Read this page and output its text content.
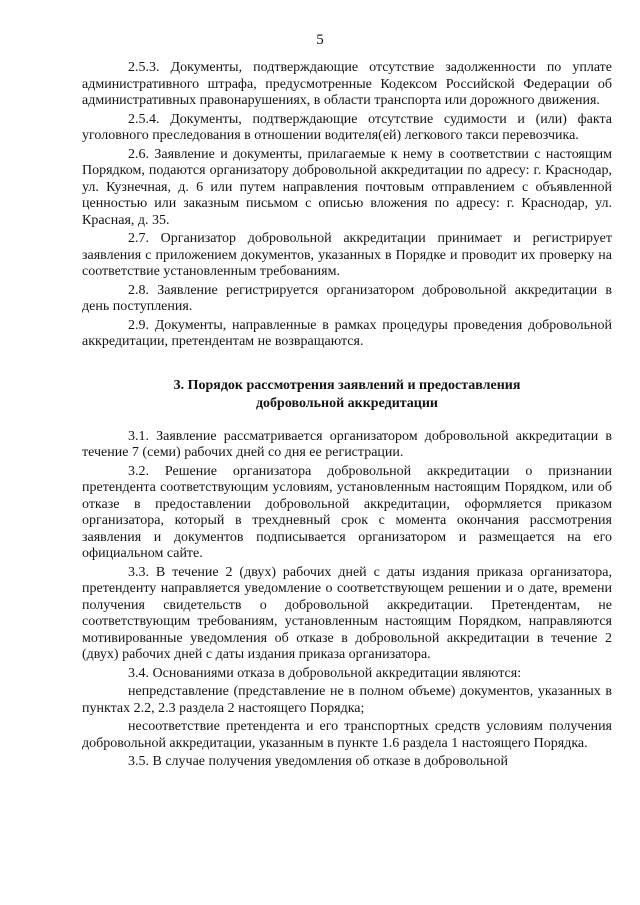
5

2.5.3. Документы, подтверждающие отсутствие задолженности по уплате административного штрафа, предусмотренные Кодексом Российской Федерации об административных правонарушениях, в области транспорта или дорожного движения.

2.5.4. Документы, подтверждающие отсутствие судимости и (или) факта уголовного преследования в отношении водителя(ей) легкового такси перевозчика.

2.6. Заявление и документы, прилагаемые к нему в соответствии с настоящим Порядком, подаются организатору добровольной аккредитации по адресу: г. Краснодар, ул. Кузнечная, д. 6 или путем направления почтовым отправлением с объявленной ценностью или заказным письмом с описью вложения по адресу: г. Краснодар, ул. Красная, д. 35.

2.7. Организатор добровольной аккредитации принимает и регистрирует заявления с приложением документов, указанных в Порядке и проводит их проверку на соответствие установленным требованиям.

2.8. Заявление регистрируется организатором добровольной аккредитации в день поступления.

2.9. Документы, направленные в рамках процедуры проведения добровольной аккредитации, претендентам не возвращаются.

3. Порядок рассмотрения заявлений и предоставления
добровольной аккредитации

3.1. Заявление рассматривается организатором добровольной аккредитации в течение 7 (семи) рабочих дней со дня ее регистрации.

3.2. Решение организатора добровольной аккредитации о признании претендента соответствующим условиям, установленным настоящим Порядком, или об отказе в предоставлении добровольной аккредитации, оформляется приказом организатора, который в трехдневный срок с момента окончания рассмотрения заявления и документов подписывается организатором и размещается на его официальном сайте.

3.3. В течение 2 (двух) рабочих дней с даты издания приказа организатора, претенденту направляется уведомление о соответствующем решении и о дате, времени получения свидетельств о добровольной аккредитации. Претендентам, не соответствующим требованиям, установленным настоящим Порядком, направляются мотивированные уведомления об отказе в добровольной аккредитации в течение 2 (двух) рабочих дней с даты издания приказа организатора.

3.4. Основаниями отказа в добровольной аккредитации являются:

непредставление (представление не в полном объеме) документов, указанных в пунктах 2.2, 2.3 раздела 2 настоящего Порядка;

несоответствие претендента и его транспортных средств условиям получения добровольной аккредитации, указанным в пункте 1.6 раздела 1 настоящего Порядка.

3.5. В случае получения уведомления об отказе в добровольной
